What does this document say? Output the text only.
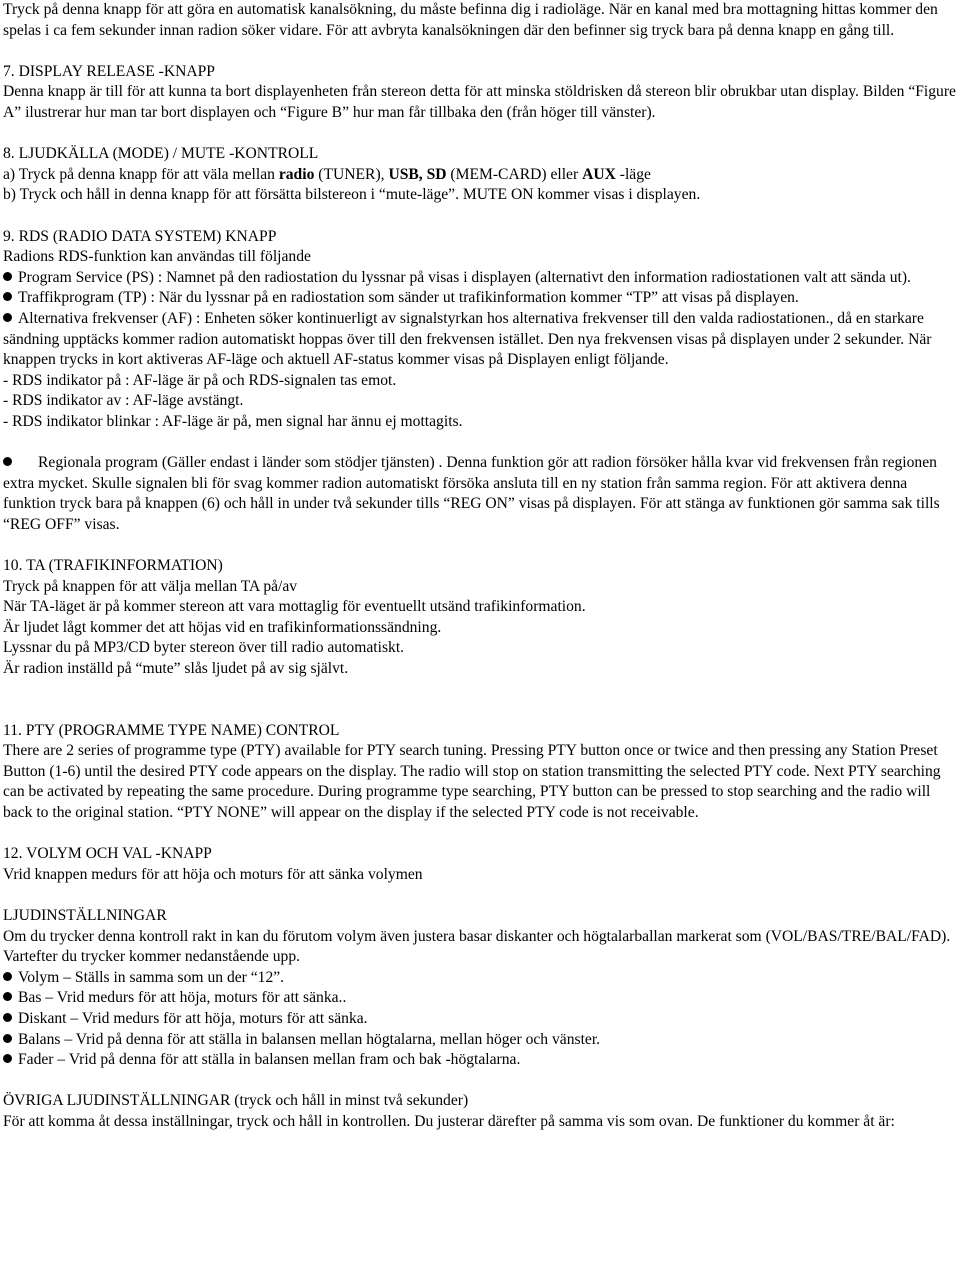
Tryck på denna knapp för att göra en automatisk kanalsökning, du måste befinna dig i radioläge. När en kanal med bra mottagning hittas kommer den spelas i ca fem sekunder innan radion söker vidare. För att avbryta kanalsökningen där den befinner sig tryck bara på denna knapp en gång till.

7. DISPLAY RELEASE -KNAPP

Denna knapp är till för att kunna ta bort displayenheten från stereon detta för att minska stöldrisken då stereon blir obrukbar utan display. Bilden “Figure A” ilustrerar hur man tar bort displayen och “Figure B” hur man får tillbaka den (från höger till vänster).

8. LJUDKÄLLA (MODE) / MUTE -KONTROLL

a) Tryck på denna knapp för att väla mellan radio (TUNER), USB, SD (MEM-CARD) eller AUX -läge

b) Tryck och håll in denna knapp för att försätta bilstereon i “mute-läge”. MUTE ON kommer visas i displayen.

9. RDS (RADIO DATA SYSTEM) KNAPP

Radions RDS-funktion kan användas till följande

Program Service (PS) : Namnet på den radiostation du lyssnar på visas i displayen (alternativt den information radiostationen valt att sända ut).

Traffikprogram (TP) : När du lyssnar på en radiostation som sänder ut trafikinformation kommer “TP” att visas på displayen.

Alternativa frekvenser (AF) : Enheten söker kontinuerligt av signalstyrkan hos alternativa frekvenser till den valda radiostationen., då en starkare sändning upptäcks kommer radion automatiskt hoppas över till den frekvensen istället. Den nya frekvensen visas på displayen under 2 sekunder. När knappen trycks in kort aktiveras AF-läge och aktuell AF-status kommer visas på Displayen enligt följande.

- RDS indikator på : AF-läge är på och RDS-signalen tas emot.

- RDS indikator av : AF-läge avstängt.

- RDS indikator blinkar : AF-läge är på, men signal har ännu ej mottagits.

Regionala program (Gäller endast i länder som stödjer tjänsten) . Denna funktion gör att radion försöker hålla kvar vid frekvensen från regionen extra mycket. Skulle signalen bli för svag kommer radion automatiskt försöka ansluta till en ny station från samma region. För att aktivera denna funktion tryck bara på knappen (6) och håll in under två sekunder tills “REG ON” visas på displayen. För att stänga av funktionen gör samma sak tills “REG OFF” visas.

10. TA (TRAFIKINFORMATION)

Tryck på knappen för att välja mellan TA på/av

När TA-läget är på kommer stereon att vara mottaglig för eventuellt utsänd trafikinformation.

Är ljudet lågt kommer det att höjas vid en trafikinformationssändning.

Lyssnar du på MP3/CD byter stereon över till radio automatiskt.

Är radion inställd på “mute” slås ljudet på av sig självt.

11. PTY (PROGRAMME TYPE NAME) CONTROL

There are 2 series of programme type (PTY) available for PTY search tuning. Pressing PTY button once or twice and then pressing any Station Preset Button (1-6) until the desired PTY code appears on the display. The radio will stop on station transmitting the selected PTY code. Next PTY searching can be activated by repeating the same procedure. During programme type searching, PTY button can be pressed to stop searching and the radio will back to the original station. “PTY NONE” will appear on the display if the selected PTY code is not receivable.

12. VOLYM OCH VAL -KNAPP

Vrid knappen medurs för att höja och moturs för att sänka volymen

LJUDINSTÄLLNINGAR

Om du trycker denna kontroll rakt in kan du förutom volym även justera basar diskanter och högtalarballan markerat som (VOL/BAS/TRE/BAL/FAD). Vartefter du trycker kommer nedanstående upp.

Volym – Ställs in samma som un der “12”.

Bas – Vrid medurs för att höja, moturs för att sänka..

Diskant – Vrid medurs för att höja, moturs för att sänka.

Balans – Vrid på denna för att ställa in balansen mellan högtalarna, mellan höger och vänster.

Fader – Vrid på denna för att ställa in balansen mellan fram och bak -högtalarna.

ÖVRIGA LJUDINSTÄLLNINGAR (tryck och håll in minst två sekunder)

För att komma åt dessa inställningar, tryck och håll in kontrollen. Du justerar därefter på samma vis som ovan. De funktioner du kommer åt är:
